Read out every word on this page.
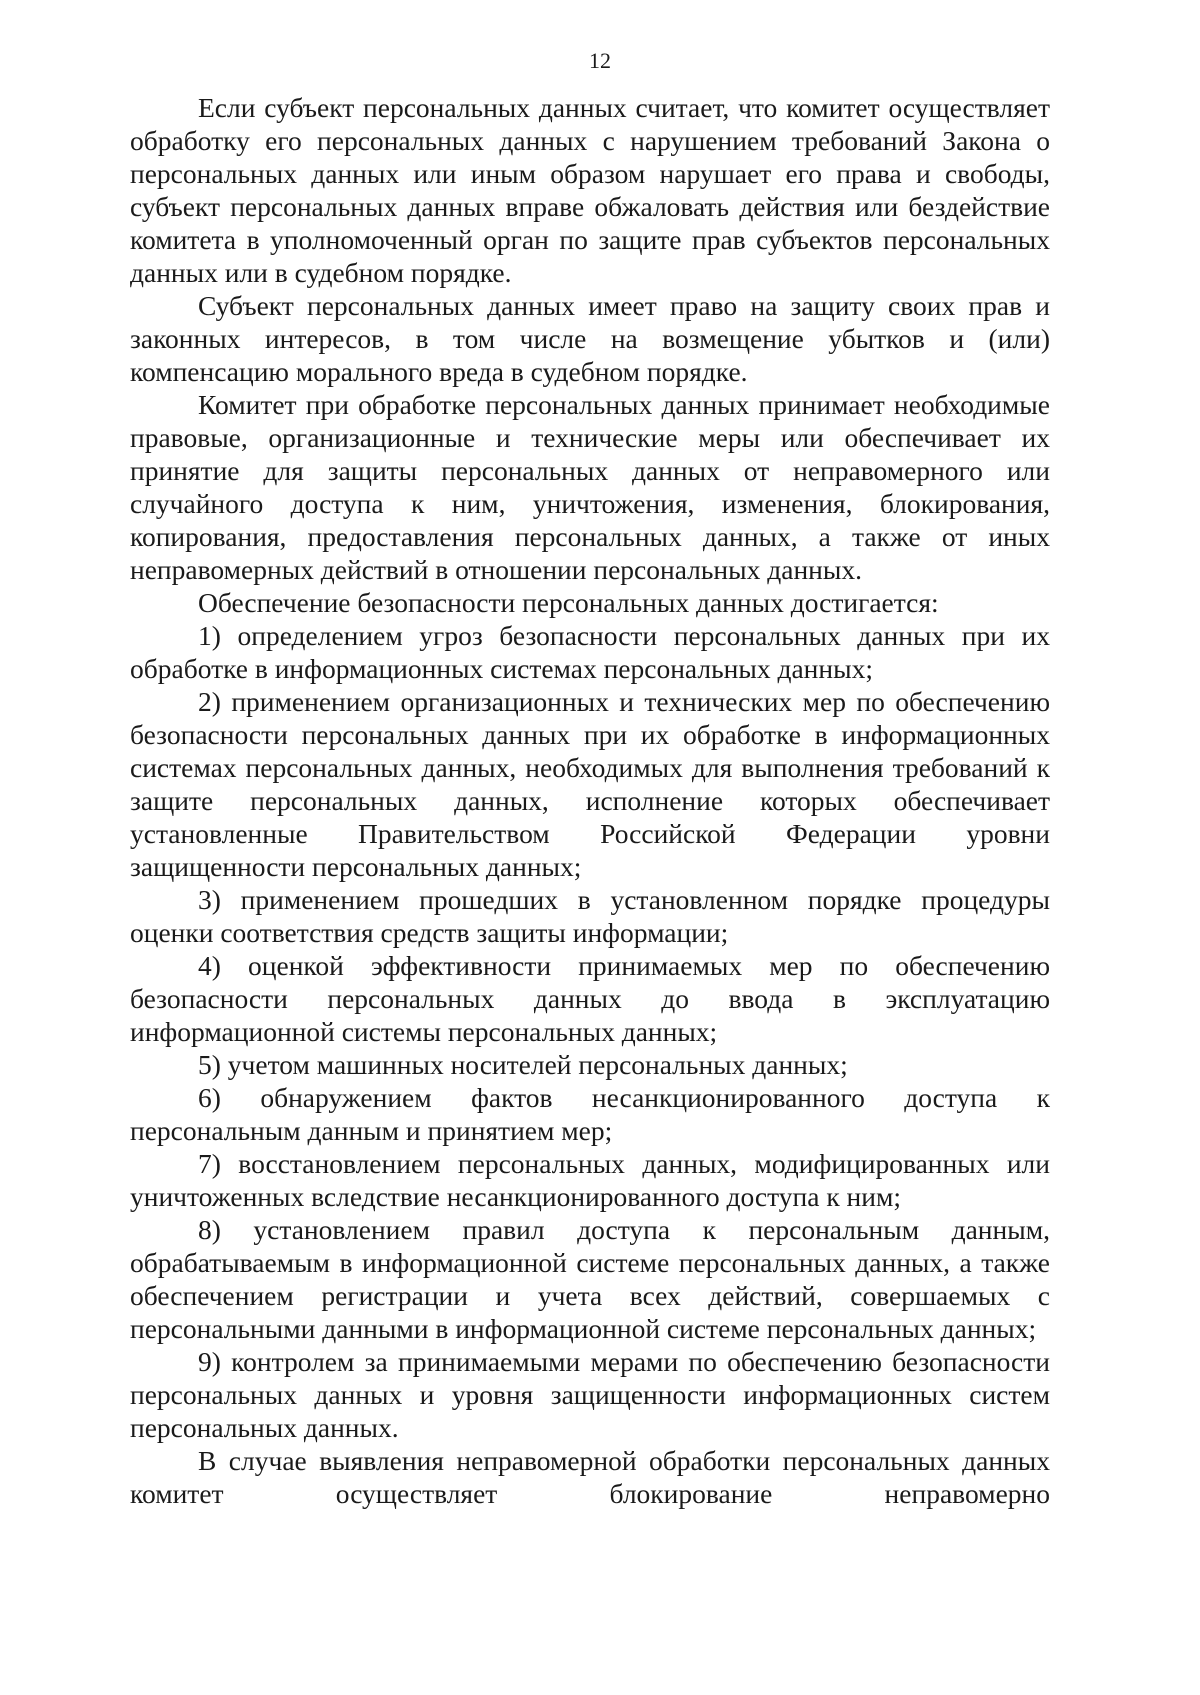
12

Если субъект персональных данных считает, что комитет осуществляет обработку его персональных данных с нарушением требований Закона о персональных данных или иным образом нарушает его права и свободы, субъект персональных данных вправе обжаловать действия или бездействие комитета в уполномоченный орган по защите прав субъектов персональных данных или в судебном порядке.

Субъект персональных данных имеет право на защиту своих прав и законных интересов, в том числе на возмещение убытков и (или) компенсацию морального вреда в судебном порядке.

Комитет при обработке персональных данных принимает необходимые правовые, организационные и технические меры или обеспечивает их принятие для защиты персональных данных от неправомерного или случайного доступа к ним, уничтожения, изменения, блокирования, копирования, предоставления персональных данных, а также от иных неправомерных действий в отношении персональных данных.

Обеспечение безопасности персональных данных достигается:

1) определением угроз безопасности персональных данных при их обработке в информационных системах персональных данных;

2) применением организационных и технических мер по обеспечению безопасности персональных данных при их обработке в информационных системах персональных данных, необходимых для выполнения требований к защите персональных данных, исполнение которых обеспечивает установленные Правительством Российской Федерации уровни защищенности персональных данных;

3) применением прошедших в установленном порядке процедуры оценки соответствия средств защиты информации;

4) оценкой эффективности принимаемых мер по обеспечению безопасности персональных данных до ввода в эксплуатацию информационной системы персональных данных;

5) учетом машинных носителей персональных данных;

6) обнаружением фактов несанкционированного доступа к персональным данным и принятием мер;

7) восстановлением персональных данных, модифицированных или уничтоженных вследствие несанкционированного доступа к ним;

8) установлением правил доступа к персональным данным, обрабатываемым в информационной системе персональных данных, а также обеспечением регистрации и учета всех действий, совершаемых с персональными данными в информационной системе персональных данных;

9) контролем за принимаемыми мерами по обеспечению безопасности персональных данных и уровня защищенности информационных систем персональных данных.

В случае выявления неправомерной обработки персональных данных комитет осуществляет блокирование неправомерно
